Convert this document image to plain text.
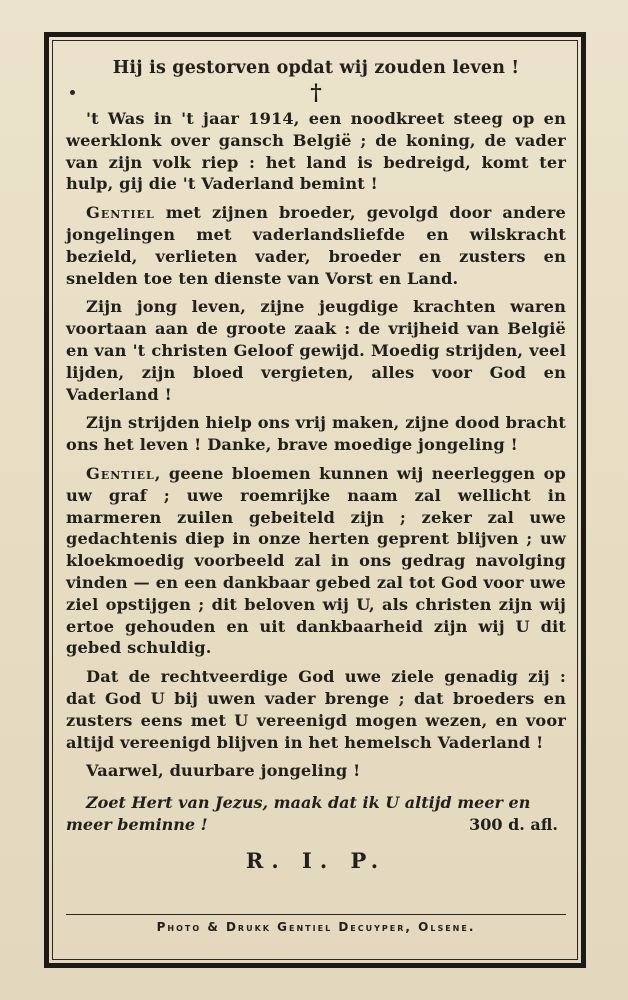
Hij is gestorven opdat wij zouden leven !
†

't Was in 't jaar 1914, een noodkreet steeg op en weerklonk over gansch België ; de koning, de vader van zijn volk riep : het land is bedreigd, komt ter hulp, gij die 't Vaderland bemint !

Gentiel met zijnen broeder, gevolgd door andere jongelingen met vaderlandsliefde en wilskracht bezield, verlieten vader, broeder en zusters en snelden toe ten dienste van Vorst en Land.

Zijn jong leven, zijne jeugdige krachten waren voortaan aan de groote zaak : de vrijheid van België en van 't christen Geloof gewijd. Moedig strijden, veel lijden, zijn bloed vergieten, alles voor God en Vaderland !

Zijn strijden hielp ons vrij maken, zijne dood bracht ons het leven ! Danke, brave moedige jongeling !

Gentiel, geene bloemen kunnen wij neerleggen op uw graf ; uwe roemrijke naam zal wellicht in marmeren zuilen gebeiteld zijn ; zeker zal uwe gedachtenis diep in onze herten geprent blijven ; uw kloekmoedig voorbeeld zal in ons gedrag navolging vinden — en een dankbaar gebed zal tot God voor uwe ziel opstijgen ; dit beloven wij U, als christen zijn wij ertoe gehouden en uit dankbaarheid zijn wij U dit gebed schuldig.

Dat de rechtveerdige God uwe ziele genadig zij : dat God U bij uwen vader brenge ; dat broeders en zusters eens met U vereenigd mogen wezen, en voor altijd vereenigd blijven in het hemelsch Vaderland !

Vaarwel, duurbare jongeling !

Zoet Hert van Jezus, maak dat ik U altijd meer en meer beminne !	300 d. afl.
R. I. P.
Photo & Drukk Gentiel Decuyper, Olsene.
